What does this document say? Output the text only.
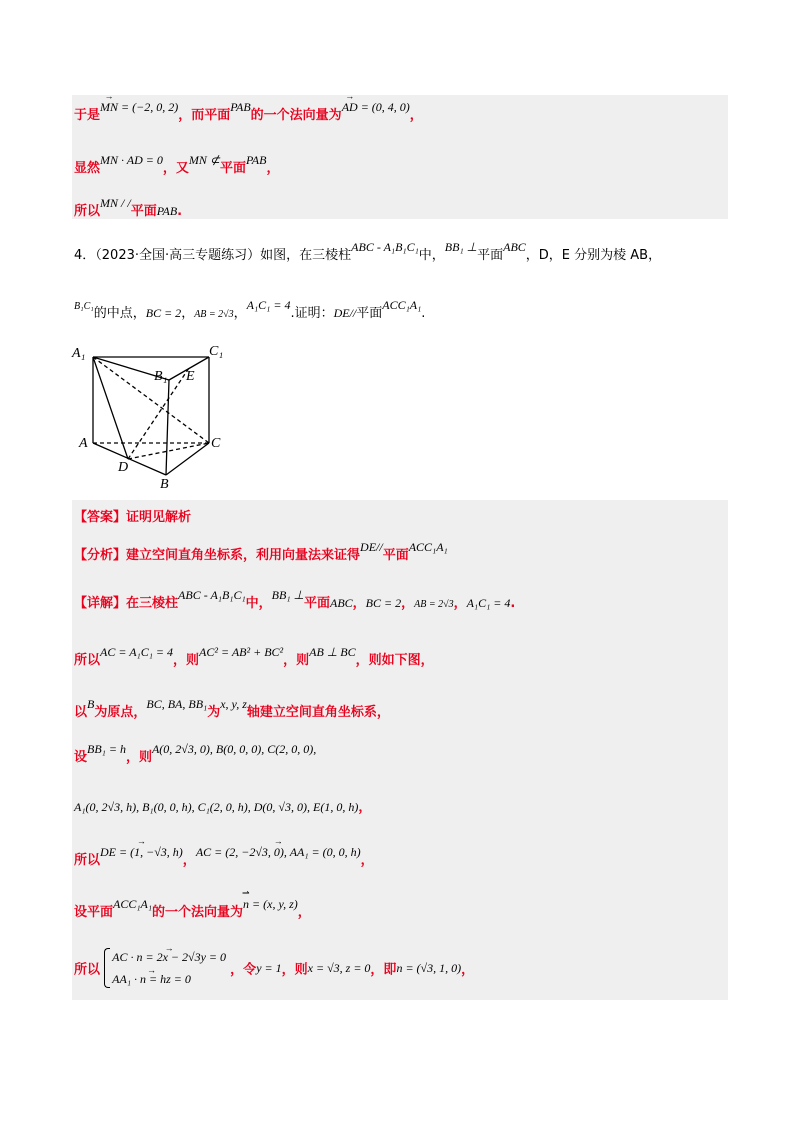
于是→ MN = (−2, 0, 2)，而平面PAB的一个法向量为→ AD = (0, 4, 0)，
显然MN · AD = 0，又MN ⊄平面PAB，
所以MN / /平面PAB.
4．（2023·全国·高三专题练习）如图，在三棱柱ABC - A₁B₁C₁中，BB₁ ⊥平面ABC，D，E 分别为棱 AB，
B₁C₁的中点，BC = 2，AB = 2√3，A₁C₁ = 4.证明：DE//平面ACC₁A₁.
A₁	C₁
B₁ E
A	C
D
B
【答案】证明见解析
【分析】建立空间直角坐标系，利用向量法来证得DE//平面ACC₁A₁
【详解】在三棱柱ABC - A₁B₁C₁中，BB₁ ⊥平面ABC，BC = 2，AB = 2√3，A₁C₁ = 4.
所以AC = A₁C₁ = 4，则AC² = AB² + BC²，则AB ⊥ BC，则如下图，
以B为原点，BC, BA, BB₁为x, y, z轴建立空间直角坐标系，
设BB₁ = h，则A(0, 2√3, 0), B(0, 0, 0), C(2, 0, 0),
A₁(0, 2√3, h), B₁(0, 0, h), C₁(2, 0, h), D(0, √3, 0), E(1, 0, h)，
所以→ DE = (1, −√3, h)，→ AC = (2, −2√3, 0), AA₁ = (0, 0, h)，
设平面ACC₁A₁的一个法向量为⇀ n = (x, y, z)，
所以 → AC · n = 2x − 2√3y = 0
→ AA₁ · n = hz = 0 ，令y = 1，则x = √3, z = 0，即n = (√3, 1, 0)，
